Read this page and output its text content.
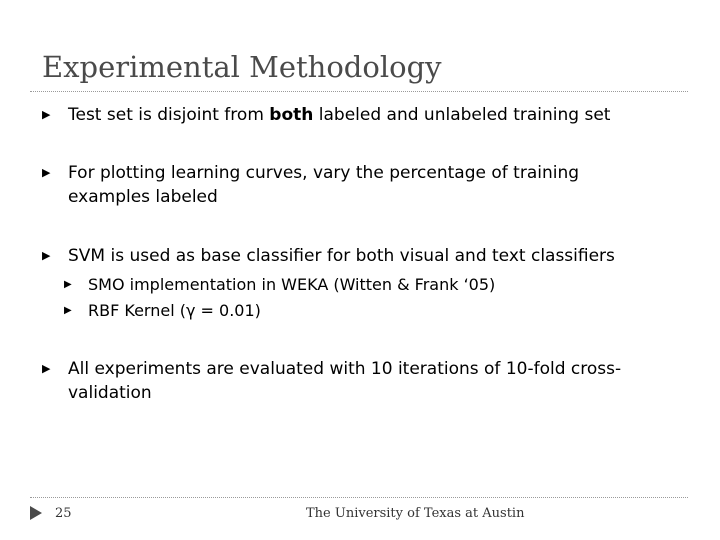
Experimental Methodology
▶	Test set is disjoint from both labeled and unlabeled training set
▶	For plotting learning curves, vary the percentage of training examples labeled
▶	SVM is used as base classifier for both visual and text classifiers
▶	SMO implementation in WEKA (Witten & Frank ‘05)
▶	RBF Kernel (γ = 0.01)
▶	All experiments are evaluated with 10 iterations of 10-fold cross-validation
25	The University of Texas at Austin
